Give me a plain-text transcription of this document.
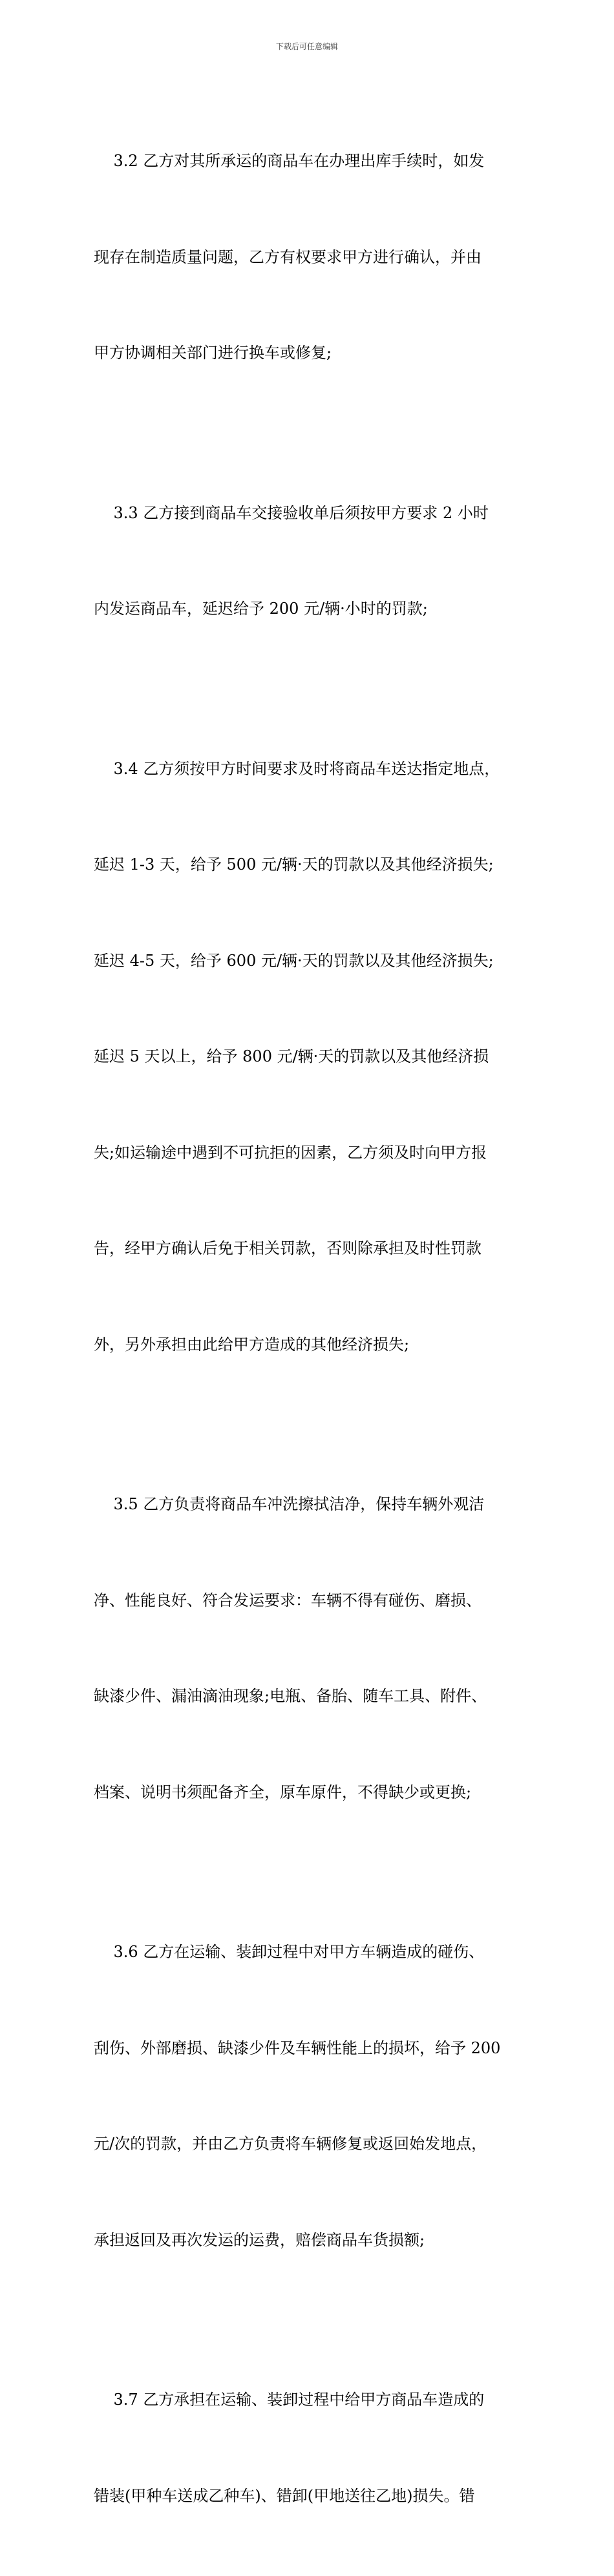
下载后可任意编辑

3.2 乙方对其所承运的商品车在办理出库手续时，如发

现存在制造质量问题，乙方有权要求甲方进行确认，并由

甲方协调相关部门进行换车或修复;

3.3 乙方接到商品车交接验收单后须按甲方要求 2 小时

内发运商品车，延迟给予 200 元/辆·小时的罚款;

3.4 乙方须按甲方时间要求及时将商品车送达指定地点，

延迟 1-3 天，给予 500 元/辆·天的罚款以及其他经济损失;

延迟 4-5 天，给予 600 元/辆·天的罚款以及其他经济损失;

延迟 5 天以上，给予 800 元/辆·天的罚款以及其他经济损

失;如运输途中遇到不可抗拒的因素，乙方须及时向甲方报

告，经甲方确认后免于相关罚款，否则除承担及时性罚款

外，另外承担由此给甲方造成的其他经济损失;

3.5 乙方负责将商品车冲洗擦拭洁净，保持车辆外观洁

净、性能良好、符合发运要求：车辆不得有碰伤、磨损、

缺漆少件、漏油滴油现象;电瓶、备胎、随车工具、附件、

档案、说明书须配备齐全，原车原件，不得缺少或更换;

3.6 乙方在运输、装卸过程中对甲方车辆造成的碰伤、

刮伤、外部磨损、缺漆少件及车辆性能上的损坏，给予 200

元/次的罚款，并由乙方负责将车辆修复或返回始发地点，

承担返回及再次发运的运费，赔偿商品车货损额;

3.7 乙方承担在运输、装卸过程中给甲方商品车造成的

错装(甲种车送成乙种车)、错卸(甲地送往乙地)损失。错
